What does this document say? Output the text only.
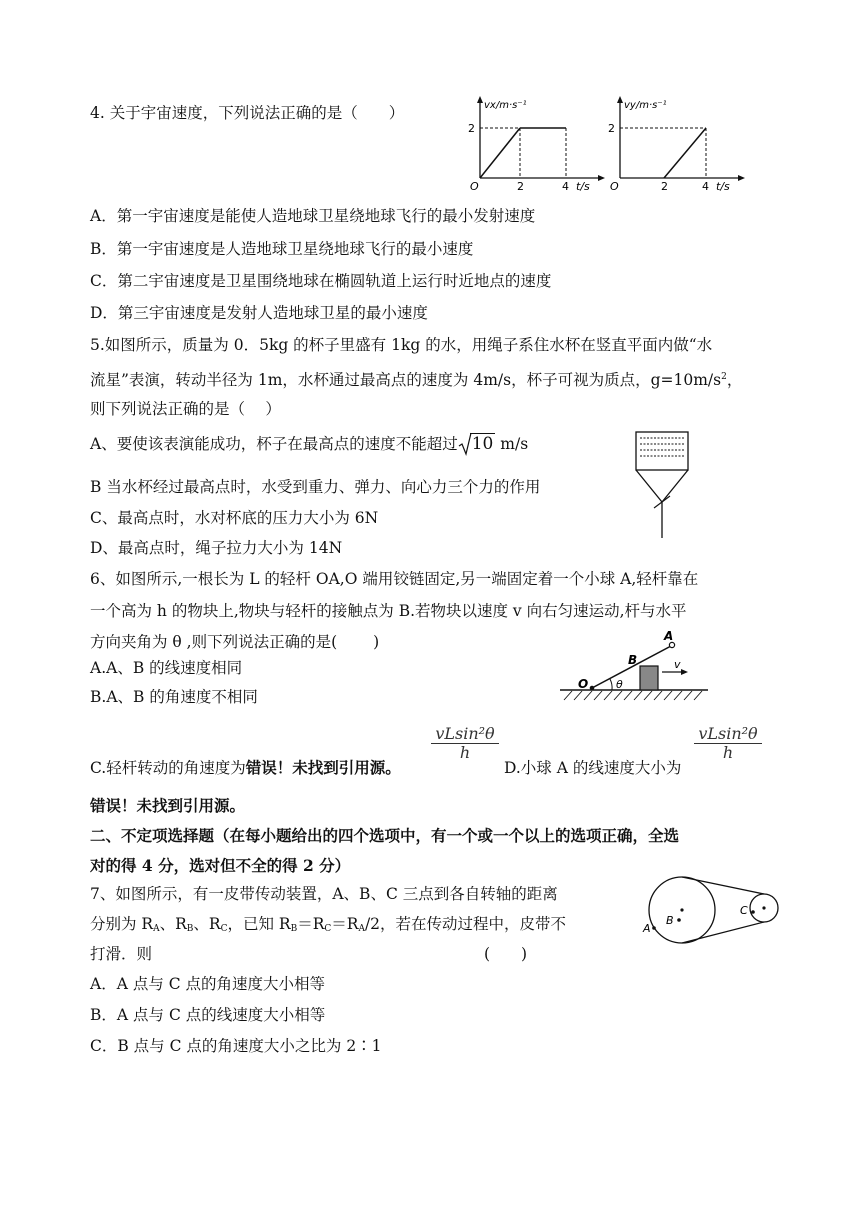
4. 关于宇宙速度，下列说法正确的是（　　）	vx/m·s⁻¹
2
O	2	4 t/s
vy/m·s⁻¹
2
O	2	4 t/s
A．第一宇宙速度是能使人造地球卫星绕地球飞行的最小发射速度
B．第一宇宙速度是人造地球卫星绕地球飞行的最小速度
C．第二宇宙速度是卫星围绕地球在椭圆轨道上运行时近地点的速度
D．第三宇宙速度是发射人造地球卫星的最小速度
5.如图所示，质量为 0．5kg 的杯子里盛有 1kg 的水，用绳子系住水杯在竖直平面内做“水
流星”表演，转动半径为 1m，水杯通过最高点的速度为 4m/s，杯子可视为质点，$g=10m/s^2$，
则下列说法正确的是（　 ）
A、要使该表演能成功，杯子在最高点的速度不能超过 10 m/s
B 当水杯经过最高点时，水受到重力、弹力、向心力三个力的作用
C、最高点时，水对杯底的压力大小为 6N
D、最高点时，绳子拉力大小为 14N
6、如图所示,一根长为 L 的轻杆 OA,O 端用铰链固定,另一端固定着一个小球 A,轻杆靠在
一个高为 h 的物块上,物块与轻杆的接触点为 B.若物块以速度 v 向右匀速运动,杆与水平
方向夹角为 θ ,则下列说法正确的是(　　 )
A.A、B 的线速度相同
B.A、B 的角速度不相同
A
B
O
v
θ
$\frac{\text{vLsin²θ}}{h}$	$\frac{\text{vLsin²θ}}{h}$
C.轻杆转动的角速度为错误！未找到引用源。	D.小球 A 的线速度大小为
错误！未找到引用源。
二、不定项选择题（在每小题给出的四个选项中，有一个或一个以上的选项正确，全选
对的得 4 分，选对但不全的得 2 分）
7、如图所示，有一皮带传动装置，A、B、C 三点到各自转轴的距离
分别为 $R_A$、$R_B$、$R_C$，已知 $R_B=R_C=R_A/2$，若在传动过程中，皮带不
打滑．则	(　　)
A
B
C
A．A 点与 C 点的角速度大小相等
B．A 点与 C 点的线速度大小相等
C．B 点与 C 点的角速度大小之比为 2∶1
